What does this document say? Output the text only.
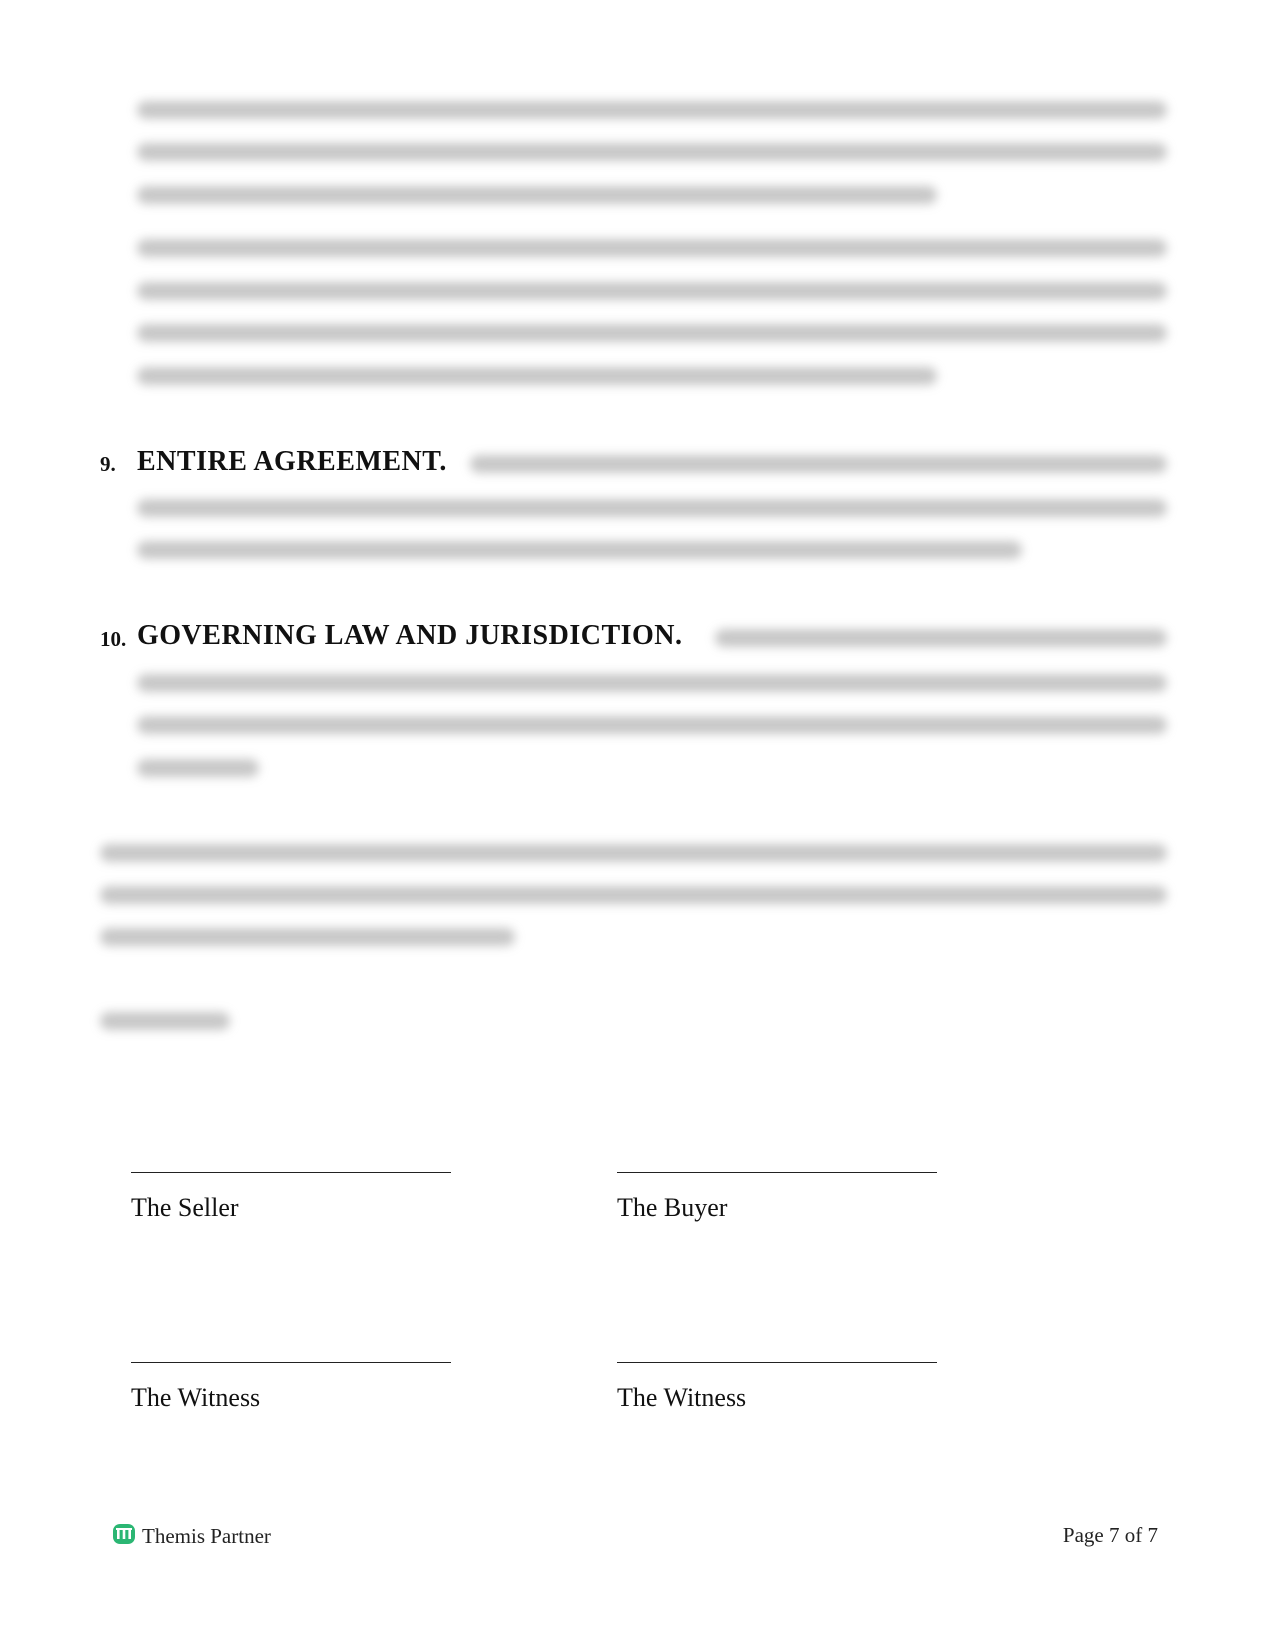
9. ENTIRE AGREEMENT.
10. GOVERNING LAW AND JURISDICTION.
The Seller	The Buyer
The Witness	The Witness
Themis Partner	Page 7 of 7
